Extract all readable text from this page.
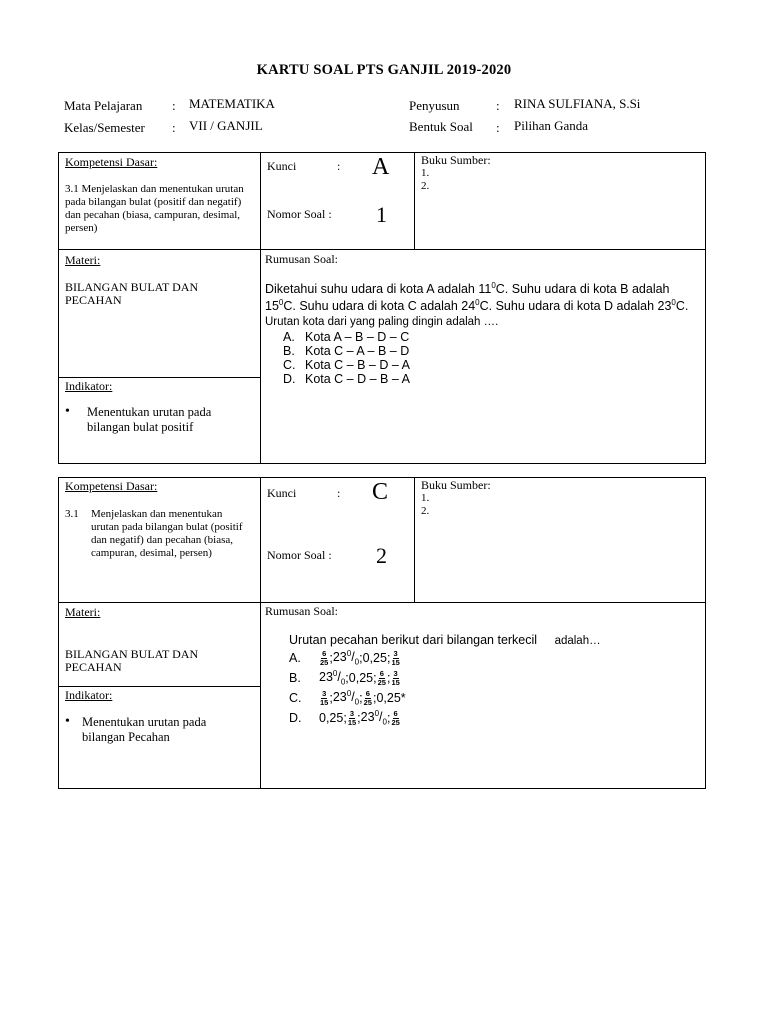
KARTU SOAL PTS GANJIL 2019-2020
Mata Pelajaran : MATEMATIKA
Kelas/Semester : VII / GANJIL
Penyusun	: RINA SULFIANA, S.Si
Bentuk Soal : Pilihan Ganda
Kompetensi Dasar:
3.1 Menjelaskan dan menentukan urutan pada bilangan bulat (positif dan negatif) dan pecahan (biasa, campuran, desimal, persen)
Kunci	: A
Nomor Soal : 1
Buku Sumber:
1.
2.
Materi:
BILANGAN BULAT DAN PECAHAN
Indikator:
•	Menentukan urutan pada bilangan bulat positif
Rumusan Soal:
Diketahui suhu udara di kota A adalah $11^0C$. Suhu udara di kota B adalah $15^0C$. Suhu udara di kota C adalah $24^0C$. Suhu udara di kota D adalah $23^0C$. Urutan kota dari yang paling dingin adalah ….
A. Kota A – B – D – C
B. Kota C – A – B – D
C. Kota C – B – D – A
D. Kota C – D – B – A
Kompetensi Dasar:
3.1	Menjelaskan dan menentukan urutan pada bilangan bulat (positif dan negatif) dan pecahan (biasa, campuran, desimal, persen)
Kunci	: C
Nomor Soal : 2
Buku Sumber:
1.
2.
Materi:
BILANGAN BULAT DAN PECAHAN
Indikator:
• Menentukan urutan pada bilangan Pecahan
Rumusan Soal:
Urutan pecahan berikut dari bilangan terkecil adalah…
A.	$\frac{6}{25}$ ; $23^0/_0$ ; 0,25 ; $\frac{3}{15}$
B.	$23^0/_0$ ; 0,25 ; $\frac{6}{25}$ ; $\frac{3}{15}$
C.	$\frac{3}{15}$ ; $23^0/_0$ ; $\frac{6}{25}$ ; 0,25 *
D.	0,25 ; $\frac{3}{15}$ ; $23^0/_0$ ; $\frac{6}{25}$
